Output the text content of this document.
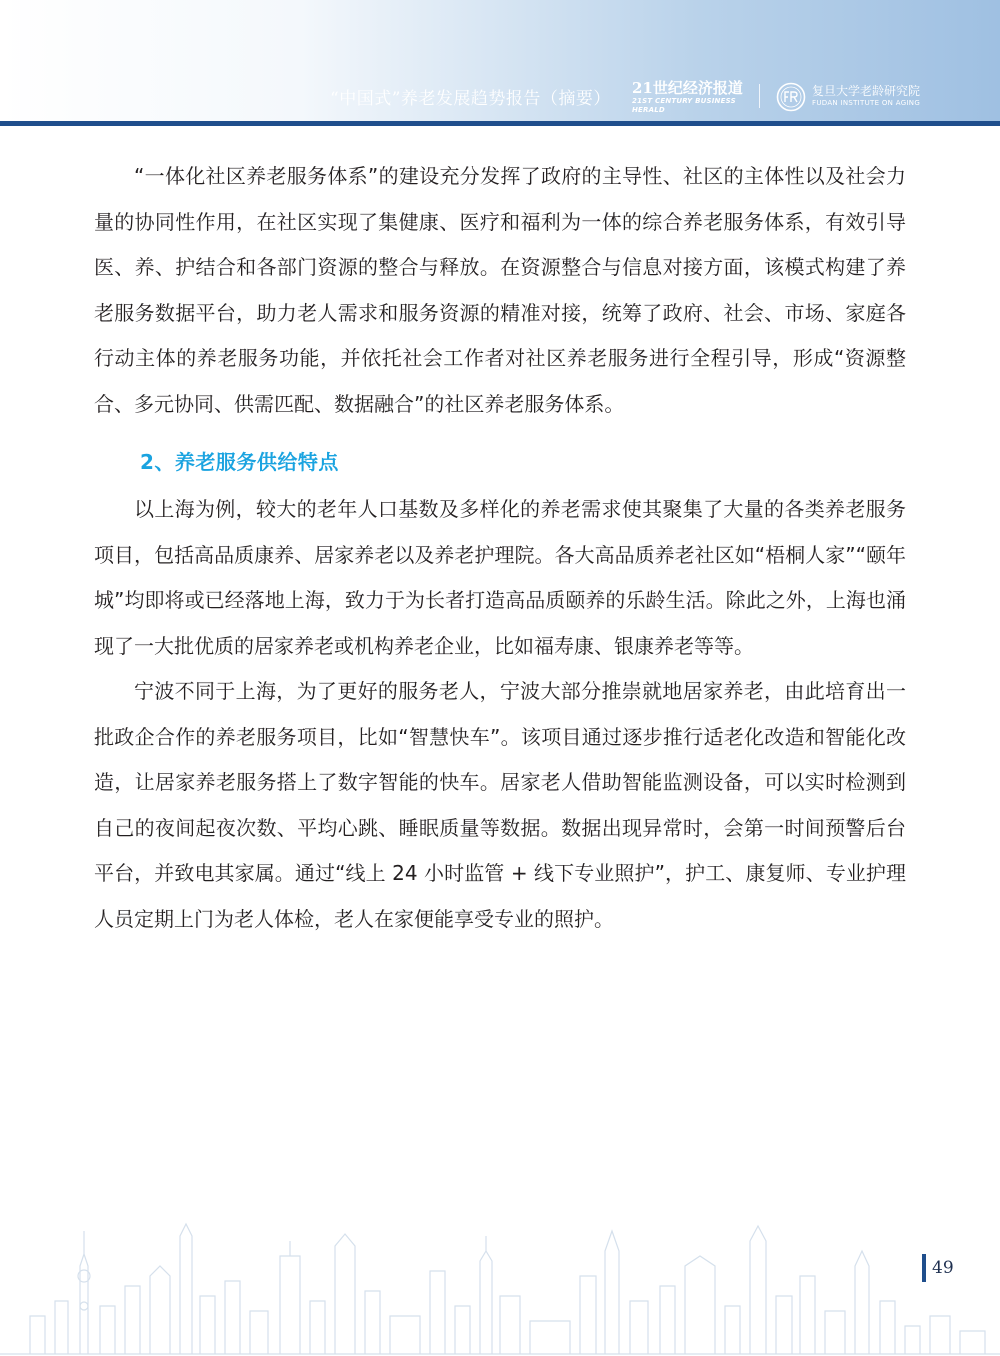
“中国式”养老发展趋势报告（摘要）
21世纪经济报道
21ST CENTURY BUSINESS HERALD
复旦大学老龄研究院
FUDAN INSTITUTE ON AGING

“一体化社区养老服务体系”的建设充分发挥了政府的主导性、社区的主体性以及社会力量的协同性作用，在社区实现了集健康、医疗和福利为一体的综合养老服务体系，有效引导医、养、护结合和各部门资源的整合与释放。在资源整合与信息对接方面，该模式构建了养老服务数据平台，助力老人需求和服务资源的精准对接，统筹了政府、社会、市场、家庭各行动主体的养老服务功能，并依托社会工作者对社区养老服务进行全程引导，形成“资源整合、多元协同、供需匹配、数据融合”的社区养老服务体系。

2、养老服务供给特点

以上海为例，较大的老年人口基数及多样化的养老需求使其聚集了大量的各类养老服务项目，包括高品质康养、居家养老以及养老护理院。各大高品质养老社区如“梧桐人家”“颐年城”均即将或已经落地上海，致力于为长者打造高品质颐养的乐龄生活。除此之外，上海也涌现了一大批优质的居家养老或机构养老企业，比如福寿康、银康养老等等。

宁波不同于上海，为了更好的服务老人，宁波大部分推崇就地居家养老，由此培育出一批政企合作的养老服务项目，比如“智慧快车”。该项目通过逐步推行适老化改造和智能化改造，让居家养老服务搭上了数字智能的快车。居家老人借助智能监测设备，可以实时检测到自己的夜间起夜次数、平均心跳、睡眠质量等数据。数据出现异常时，会第一时间预警后台平台，并致电其家属。通过“线上 24 小时监管 + 线下专业照护”，护工、康复师、专业护理人员定期上门为老人体检，老人在家便能享受专业的照护。

49
